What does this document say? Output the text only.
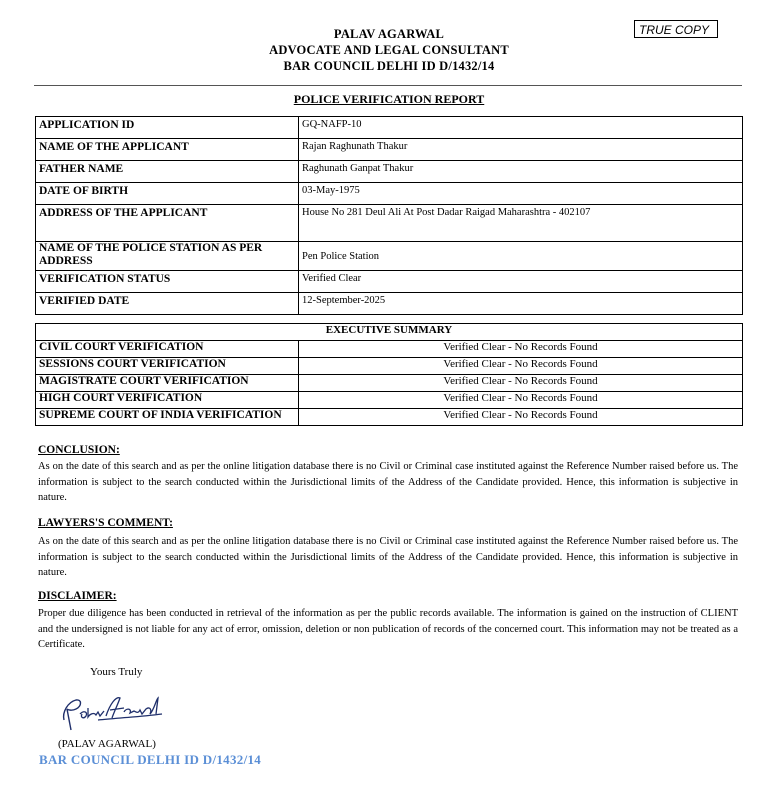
PALAV AGARWAL
ADVOCATE AND LEGAL CONSULTANT
BAR COUNCIL DELHI ID D/1432/14
TRUE COPY
POLICE VERIFICATION REPORT
APPLICATION ID	GQ-NAFP-10
NAME OF THE APPLICANT	Rajan Raghunath Thakur
FATHER NAME	Raghunath Ganpat Thakur
DATE OF BIRTH	03-May-1975
ADDRESS OF THE APPLICANT	House No 281 Deul Ali At Post Dadar Raigad Maharashtra - 402107
NAME OF THE POLICE STATION AS PER ADDRESS	Pen Police Station
VERIFICATION STATUS	Verified Clear
VERIFIED DATE	12-September-2025
EXECUTIVE SUMMARY	
CIVIL COURT VERIFICATION	Verified Clear - No Records Found
SESSIONS COURT VERIFICATION	Verified Clear - No Records Found
MAGISTRATE COURT VERIFICATION	Verified Clear - No Records Found
HIGH COURT VERIFICATION	Verified Clear - No Records Found
SUPREME COURT OF INDIA VERIFICATION	Verified Clear - No Records Found
CONCLUSION:
As on the date of this search and as per the online litigation database there is no Civil or Criminal case instituted against the Reference Number raised before us. The information is subject to the search conducted within the Jurisdictional limits of the Address of the Candidate provided. Hence, this information is subjective in nature.
LAWYERS'S COMMENT:
As on the date of this search and as per the online litigation database there is no Civil or Criminal case instituted against the Reference Number raised before us. The information is subject to the search conducted within the Jurisdictional limits of the Address of the Candidate provided. Hence, this information is subjective in nature.
DISCLAIMER:
Proper due diligence has been conducted in retrieval of the information as per the public records available. The information is gained on the instruction of CLIENT and the undersigned is not liable for any act of error, omission, deletion or non publication of records of the concerned court. This information may not be treated as a Certificate.
Yours Truly
(PALAV AGARWAL)
BAR COUNCIL DELHI ID D/1432/14
